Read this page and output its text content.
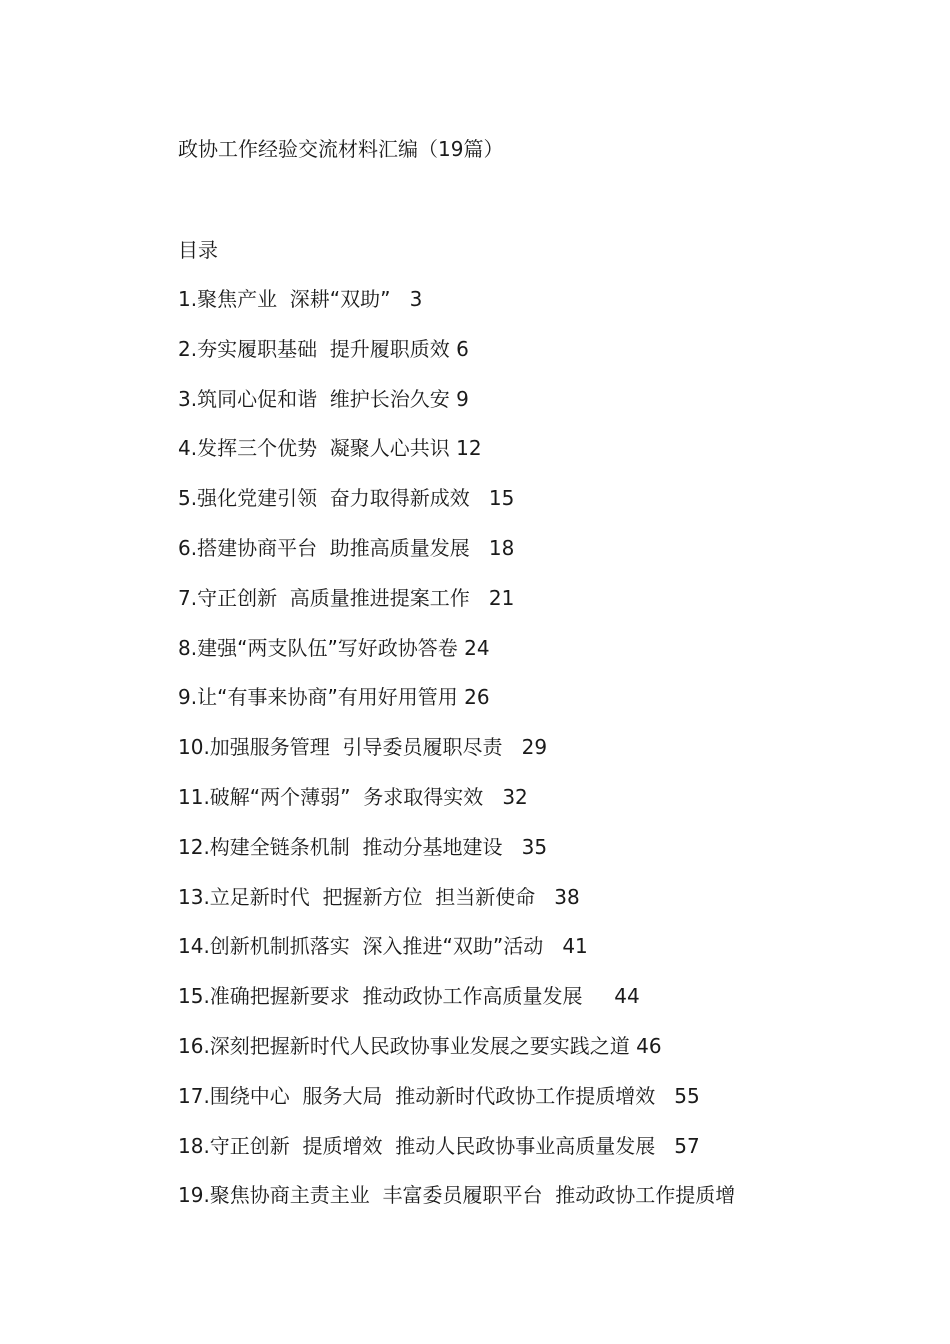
政协工作经验交流材料汇编（19篇）
目录
1.聚焦产业  深耕“双助”   3
2.夯实履职基础  提升履职质效 6
3.筑同心促和谐  维护长治久安 9
4.发挥三个优势  凝聚人心共识 12
5.强化党建引领  奋力取得新成效   15
6.搭建协商平台  助推高质量发展   18
7.守正创新  高质量推进提案工作   21
8.建强“两支队伍”写好政协答卷 24
9.让“有事来协商”有用好用管用 26
10.加强服务管理  引导委员履职尽责   29
11.破解“两个薄弱”  务求取得实效   32
12.构建全链条机制  推动分基地建设   35
13.立足新时代  把握新方位  担当新使命   38
14.创新机制抓落实  深入推进“双助”活动   41
15.准确把握新要求  推动政协工作高质量发展     44
16.深刻把握新时代人民政协事业发展之要实践之道 46
17.围绕中心  服务大局  推动新时代政协工作提质增效   55
18.守正创新  提质增效  推动人民政协事业高质量发展   57
19.聚焦协商主责主业  丰富委员履职平台  推动政协工作提质增
